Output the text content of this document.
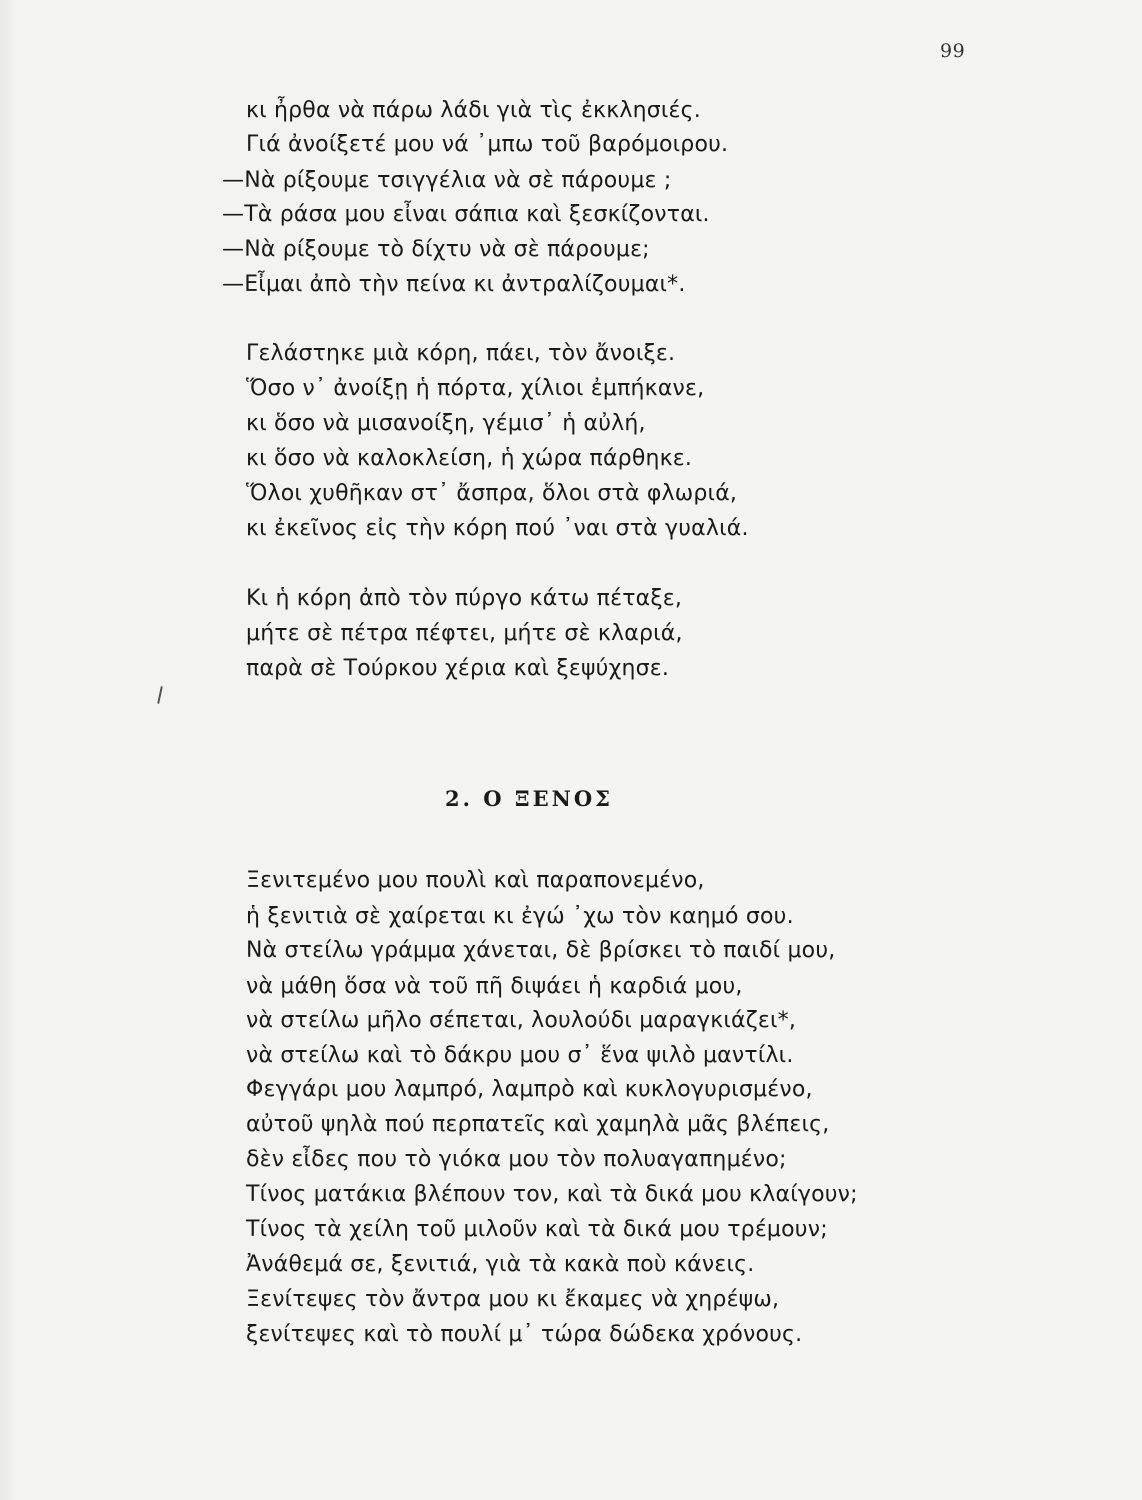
99
κι ἦρθα νὰ πάρω λάδι γιὰ τὶς ἐκκλησιές.
Γιά ἀνοίξετέ μου νά ᾽μπω τοῦ βαρόμοιρου.
—Νὰ ρίξουμε τσιγγέλια νὰ σὲ πάρουμε ;
—Τὰ ράσα μου εἶναι σάπια καὶ ξεσκίζονται.
—Νὰ ρίξουμε τὸ δίχτυ νὰ σὲ πάρουμε;
—Εἶμαι ἀπὸ τὴν πείνα κι ἀντραλίζουμαι*.
Γελάστηκε μιὰ κόρη, πάει, τὸν ἄνοιξε.
Ὅσο ν᾽ ἀνοίξῃ ἡ πόρτα, χίλιοι ἐμπήκανε,
κι ὅσο νὰ μισανοίξη, γέμισ᾽ ἡ αὐλή,
κι ὅσο νὰ καλοκλείση, ἡ χώρα πάρθηκε.
Ὅλοι χυθῆκαν στ᾽ ἄσπρα, ὅλοι στὰ φλωριά,
κι ἐκεῖνος εἰς τὴν κόρη πού ᾽ναι στὰ γυαλιά.
Κι ἡ κόρη ἀπὸ τὸν πύργο κάτω πέταξε,
μήτε σὲ πέτρα πέφτει, μήτε σὲ κλαριά,
παρὰ σὲ Τούρκου χέρια καὶ ξεψύχησε.
2. Ο ΞΕΝΟΣ
Ξενιτεμένο μου πουλὶ καὶ παραπονεμένο,
ἡ ξενιτιὰ σὲ χαίρεται κι ἐγώ ᾽χω τὸν καημό σου.
Νὰ στείλω γράμμα χάνεται, δὲ βρίσκει τὸ παιδί μου,
νὰ μάθη ὅσα νὰ τοῦ πῆ διψάει ἡ καρδιά μου,
νὰ στείλω μῆλο σέπεται, λουλούδι μαραγκιάζει*,
νὰ στείλω καὶ τὸ δάκρυ μου σ᾽ ἕνα ψιλὸ μαντίλι.
Φεγγάρι μου λαμπρό, λαμπρὸ καὶ κυκλογυρισμένο,
αὐτοῦ ψηλὰ πού περπατεῖς καὶ χαμηλὰ μᾶς βλέπεις,
δὲν εἶδες που τὸ γιόκα μου τὸν πολυαγαπημένο;
Τίνος ματάκια βλέπουν τον, καὶ τὰ δικά μου κλαίγουν;
Τίνος τὰ χείλη τοῦ μιλοῦν καὶ τὰ δικά μου τρέμουν;
Ἀνάθεμά σε, ξενιτιά, γιὰ τὰ κακὰ ποὺ κάνεις.
Ξενίτεψες τὸν ἄντρα μου κι ἔκαμες νὰ χηρέψω,
ξενίτεψες καὶ τὸ πουλί μ᾽ τώρα δώδεκα χρόνους.
